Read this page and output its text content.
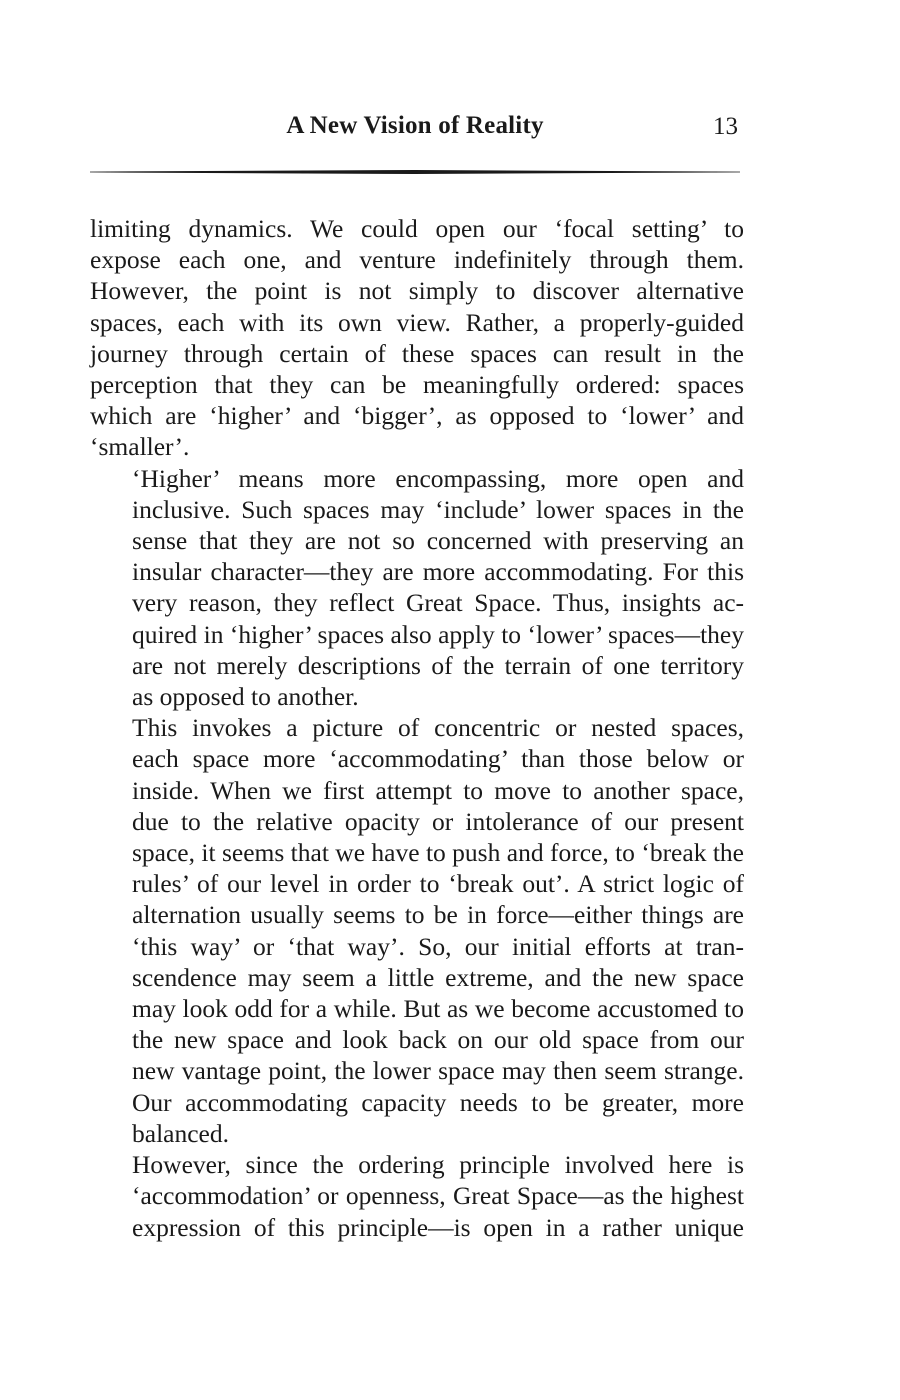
A New Vision of Reality	13

limiting dynamics. We could open our ‘focal setting’ to
expose each one, and venture indefinitely through them.
However, the point is not simply to discover alternative
spaces, each with its own view. Rather, a properly-guided
journey through certain of these spaces can result in the
perception that they can be meaningfully ordered: spaces
which are ‘higher’ and ‘bigger’, as opposed to ‘lower’ and
‘smaller’.

‘Higher’ means more encompassing, more open and
inclusive. Such spaces may ‘include’ lower spaces in the
sense that they are not so concerned with preserving an
insular character—they are more accommodating. For this
very reason, they reflect Great Space. Thus, insights ac-
quired in ‘higher’ spaces also apply to ‘lower’ spaces—they
are not merely descriptions of the terrain of one territory
as opposed to another.

This invokes a picture of concentric or nested spaces,
each space more ‘accommodating’ than those below or
inside. When we first attempt to move to another space,
due to the relative opacity or intolerance of our present
space, it seems that we have to push and force, to ‘break the
rules’ of our level in order to ‘break out’. A strict logic of
alternation usually seems to be in force—either things are
‘this way’ or ‘that way’. So, our initial efforts at tran-
scendence may seem a little extreme, and the new space
may look odd for a while. But as we become accustomed to
the new space and look back on our old space from our
new vantage point, the lower space may then seem strange.
Our accommodating capacity needs to be greater, more
balanced.

However, since the ordering principle involved here is
‘accommodation’ or openness, Great Space—as the highest
expression of this principle—is open in a rather unique
